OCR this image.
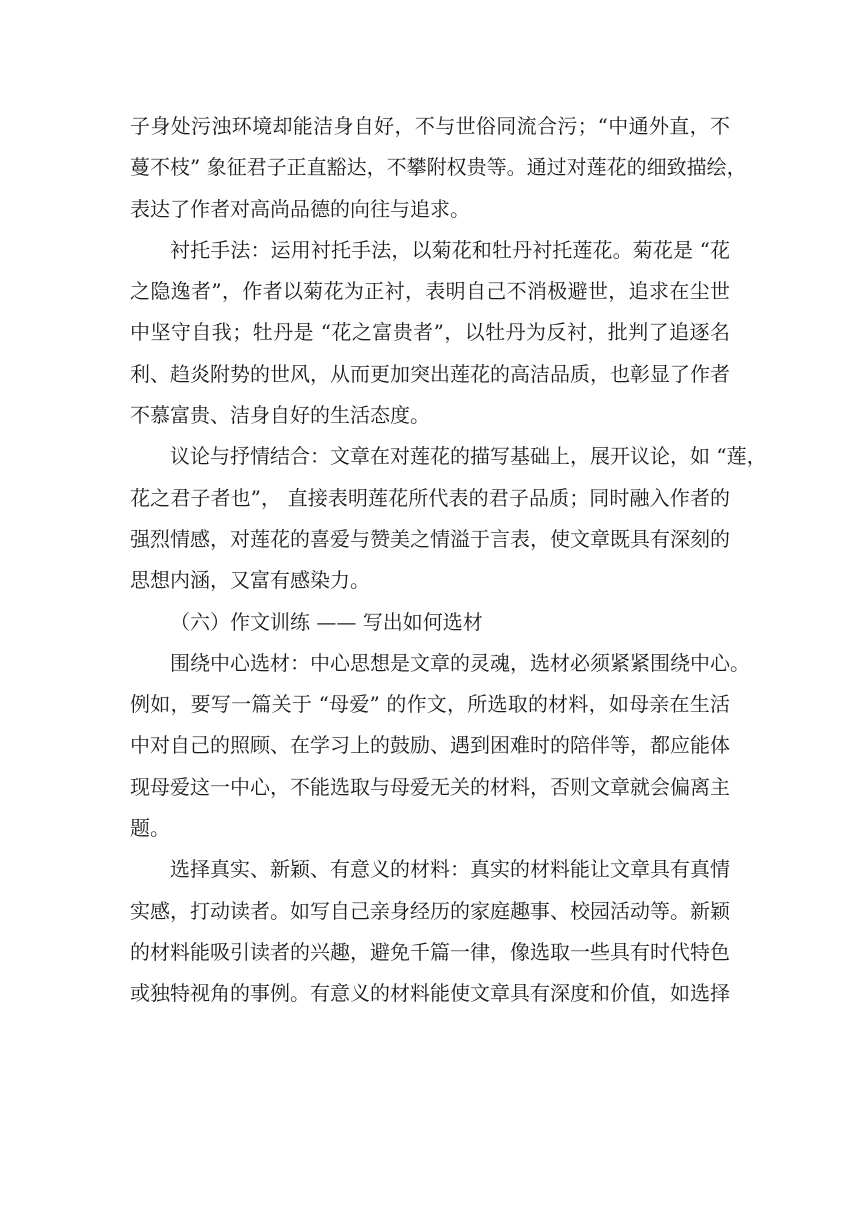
子身处污浊环境却能洁身自好，不与世俗同流合污；“中通外直，不
蔓不枝” 象征君子正直豁达，不攀附权贵等。通过对莲花的细致描绘，
表达了作者对高尚品德的向往与追求。
衬托手法：运用衬托手法，以菊花和牡丹衬托莲花。菊花是 “花
之隐逸者”，作者以菊花为正衬，表明自己不消极避世，追求在尘世
中坚守自我；牡丹是 “花之富贵者”，以牡丹为反衬，批判了追逐名
利、趋炎附势的世风，从而更加突出莲花的高洁品质，也彰显了作者
不慕富贵、洁身自好的生活态度。
议论与抒情结合：文章在对莲花的描写基础上，展开议论，如 “莲，
花之君子者也”， 直接表明莲花所代表的君子品质；同时融入作者的
强烈情感，对莲花的喜爱与赞美之情溢于言表，使文章既具有深刻的
思想内涵，又富有感染力。
（六）作文训练 —— 写出如何选材
围绕中心选材：中心思想是文章的灵魂，选材必须紧紧围绕中心。
例如，要写一篇关于 “母爱” 的作文，所选取的材料，如母亲在生活
中对自己的照顾、在学习上的鼓励、遇到困难时的陪伴等，都应能体
现母爱这一中心，不能选取与母爱无关的材料，否则文章就会偏离主
题。
选择真实、新颖、有意义的材料：真实的材料能让文章具有真情
实感，打动读者。如写自己亲身经历的家庭趣事、校园活动等。新颖
的材料能吸引读者的兴趣，避免千篇一律，像选取一些具有时代特色
或独特视角的事例。有意义的材料能使文章具有深度和价值，如选择
